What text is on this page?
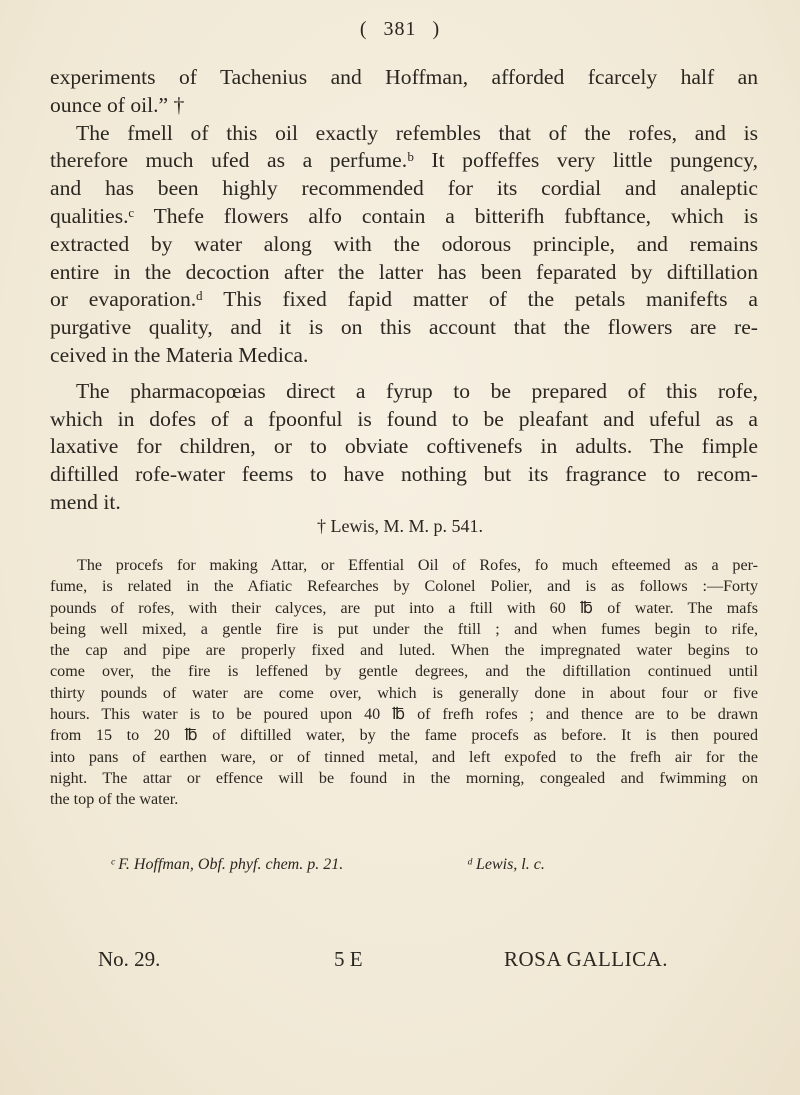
( 381 )
experiments of Tachenius and Hoffman, afforded fcarcely half an
ounce of oil.” †
The fmell of this oil exactly refembles that of the rofes, and is
therefore much ufed as a perfume.ᵇ It poffeffes very little pungency,
and has been highly recommended for its cordial and analeptic
qualities.ᶜ Thefe flowers alfo contain a bitterifh fubftance, which is
extracted by water along with the odorous principle, and remains
entire in the decoction after the latter has been feparated by diftillation
or evaporation.ᵈ This fixed fapid matter of the petals manifefts a
purgative quality, and it is on this account that the flowers are re-
ceived in the Materia Medica.
The pharmacopœias direct a fyrup to be prepared of this rofe,
which in dofes of a fpoonful is found to be pleafant and ufeful as a
laxative for children, or to obviate coftivenefs in adults. The fimple
diftilled rofe-water feems to have nothing but its fragrance to recom-
mend it.
† Lewis, M. M. p. 541.
The procefs for making Attar, or Effential Oil of Rofes, fo much efteemed as a per-
fume, is related in the Afiatic Refearches by Colonel Polier, and is as follows :—Forty
pounds of rofes, with their calyces, are put into a ftill with 60 ℔ of water. The mafs
being well mixed, a gentle fire is put under the ftill ; and when fumes begin to rife,
the cap and pipe are properly fixed and luted. When the impregnated water begins to
come over, the fire is leffened by gentle degrees, and the diftillation continued until
thirty pounds of water are come over, which is generally done in about four or five
hours. This water is to be poured upon 40 ℔ of frefh rofes ; and thence are to be drawn
from 15 to 20 ℔ of diftilled water, by the fame procefs as before. It is then poured
into pans of earthen ware, or of tinned metal, and left expofed to the frefh air for the
night. The attar or effence will be found in the morning, congealed and fwimming on
the top of the water.
ᶜ F. Hoffman, Obf. phyf. chem. p. 21.	ᵈ Lewis, l. c.
No. 29.	5 E	ROSA GALLICA.
